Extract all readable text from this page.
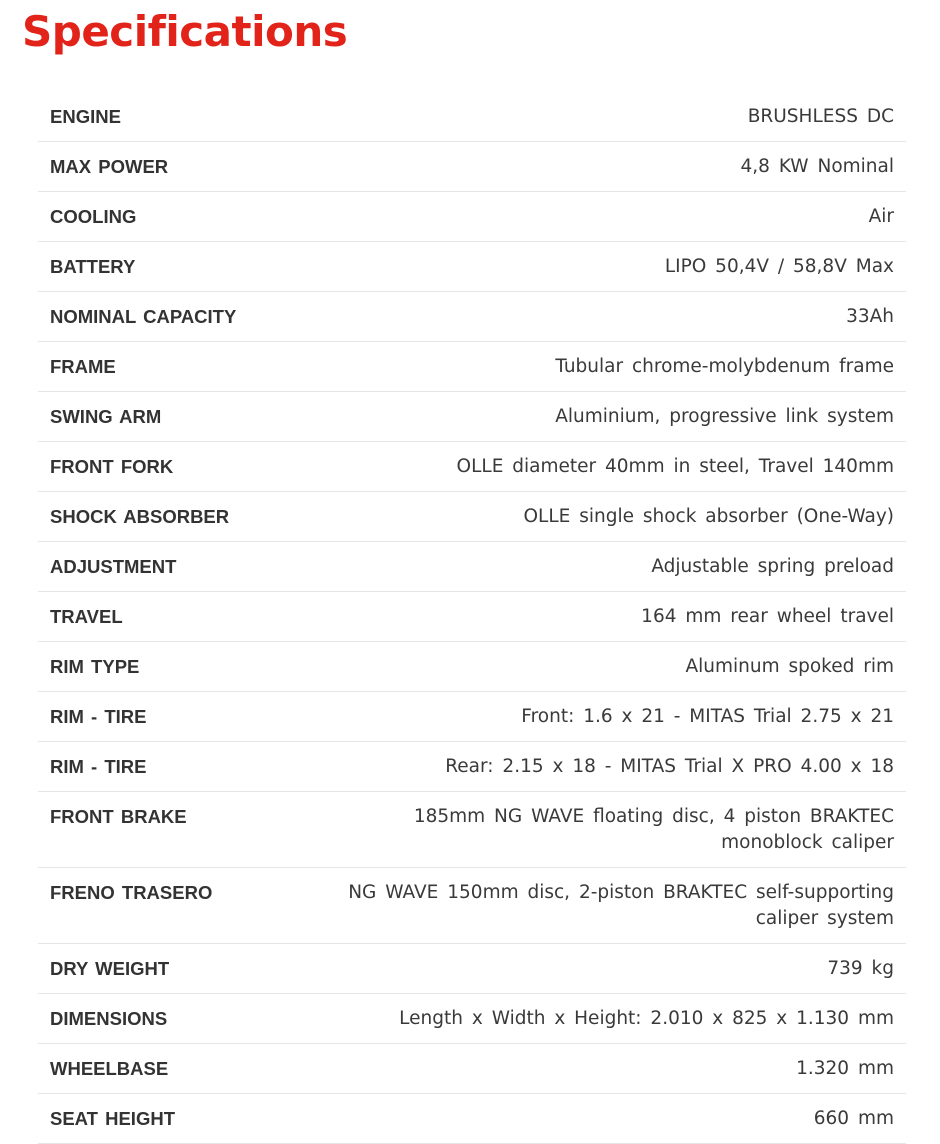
Specifications
ENGINE	BRUSHLESS DC
MAX POWER	4,8 KW Nominal
COOLING	Air
BATTERY	LIPO 50,4V / 58,8V Max
NOMINAL CAPACITY	33Ah
FRAME	Tubular chrome-molybdenum frame
SWING ARM	Aluminium, progressive link system
FRONT FORK	OLLE diameter 40mm in steel, Travel 140mm
SHOCK ABSORBER	OLLE single shock absorber (One-Way)
ADJUSTMENT	Adjustable spring preload
TRAVEL	164 mm rear wheel travel
RIM TYPE	Aluminum spoked rim
RIM - TIRE	Front: 1.6 x 21 - MITAS Trial 2.75 x 21
RIM - TIRE	Rear: 2.15 x 18 - MITAS Trial X PRO 4.00 x 18
FRONT BRAKE	185mm NG WAVE floating disc, 4 piston BRAKTEC monoblock caliper
FRENO TRASERO	NG WAVE 150mm disc, 2-piston BRAKTEC self-supporting caliper system
DRY WEIGHT	739 kg
DIMENSIONS	Length x Width x Height: 2.010 x 825 x 1.130 mm
WHEELBASE	1.320 mm
SEAT HEIGHT	660 mm
